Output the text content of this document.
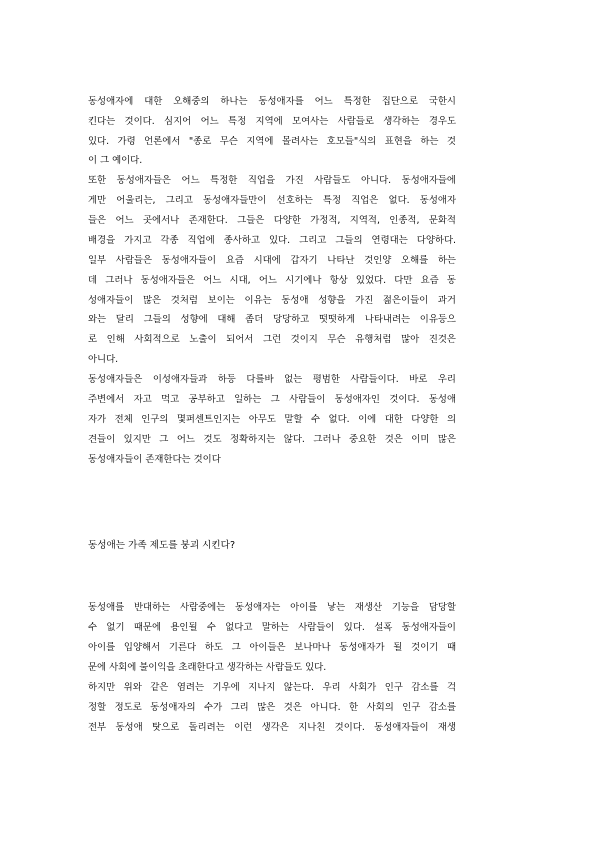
동성애자에 대한 오해중의 하나는 동성애자를 어느 특정한 집단으로 국한시
킨다는 것이다. 심지어 어느 특정 지역에 모여사는 사람들로 생각하는 경우도
있다. 가령 언론에서 "종로 무슨 지역에 몰려사는 호모들"식의 표현을 하는 것
이 그 예이다.
또한 동성애자들은 어느 특정한 직업을 가진 사람들도 아니다. 동성애자들에
게만 어울리는, 그리고 동성애자들만이 선호하는 특정 직업은 없다. 동성애자
들은 어느 곳에서나 존재한다. 그들은 다양한 가정적, 지역적, 인종적, 문화적
배경을 가지고 각종 직업에 종사하고 있다. 그리고 그들의 연령대는 다양하다.
일부 사람들은 동성애자들이 요즘 시대에 갑자기 나타난 것인양 오해를 하는
데 그러나 동성애자들은 어느 시대, 어느 시기에나 항상 있었다. 다만 요즘 동
성애자들이 많은 것처럼 보이는 이유는 동성애 성향을 가진 젊은이들이 과거
와는 달리 그들의 성향에 대해 좀더 당당하고 떳떳하게 나타내려는 이유등으
로 인해 사회적으로 노출이 되어서 그런 것이지 무슨 유행처럼 많아 진것은
아니다.
동성애자들은 이성애자들과 하등 다를바 없는 평범한 사람들이다. 바로 우리
주변에서 자고 먹고 공부하고 일하는 그 사람들이 동성애자인 것이다. 동성애
자가 전체 인구의 몇퍼센트인지는 아무도 말할 수 없다. 이에 대한 다양한 의
견들이 있지만 그 어느 것도 정확하지는 않다. 그러나 중요한 것은 이미 많은
동성애자들이 존재한다는 것이다
동성애는 가족 제도를 붕괴 시킨다?
동성애를 반대하는 사람중에는 동성애자는 아이를 낳는 재생산 기능을 담당할
수 없기 때문에 용인될 수 없다고 말하는 사람들이 있다. 설혹 동성애자들이
아이를 입양해서 기른다 하도 그 아이들은 보나마나 동성애자가 될 것이기 때
문에 사회에 불이익을 초래한다고 생각하는 사람들도 있다.
하지만 위와 같은 염려는 기우에 지나지 않는다. 우리 사회가 인구 감소를 걱
정할 정도로 동성애자의 수가 그리 많은 것은 아니다. 한 사회의 인구 감소를
전부 동성애 탓으로 돌리려는 이런 생각은 지나친 것이다. 동성애자들이 재생
